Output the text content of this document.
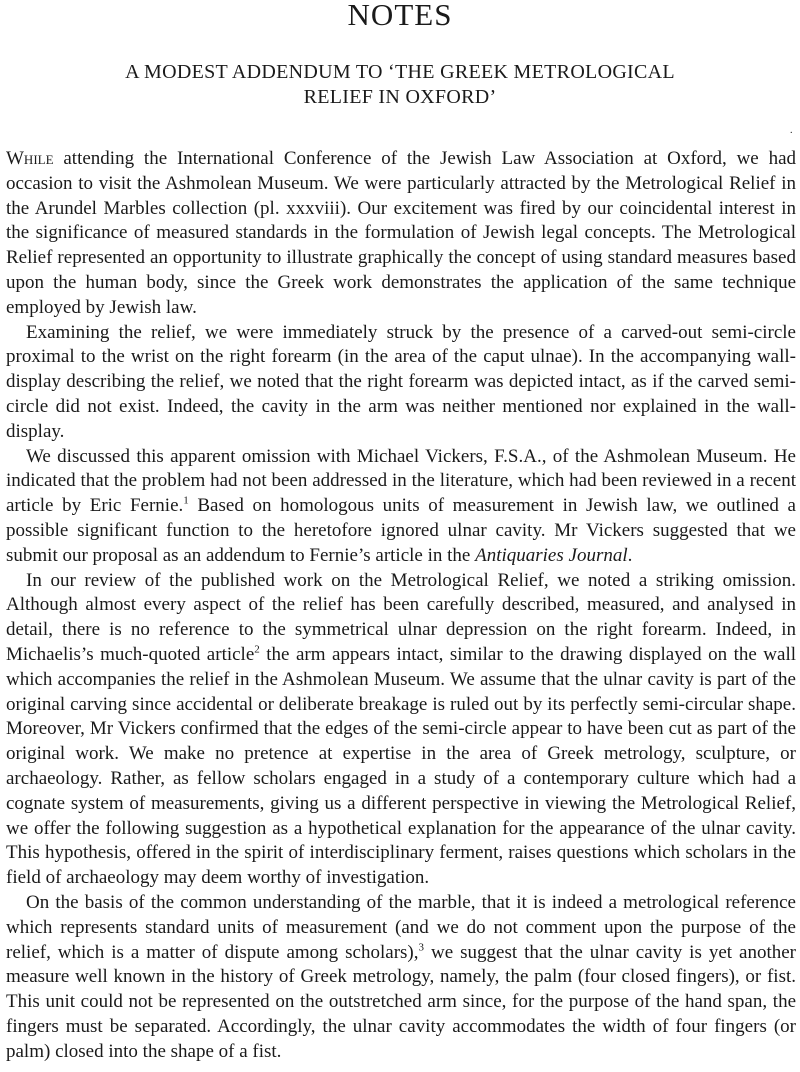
NOTES
A MODEST ADDENDUM TO ‘THE GREEK METROLOGICAL
RELIEF IN OXFORD’
.

While attending the International Conference of the Jewish Law Association at Oxford, we had occasion to visit the Ashmolean Museum. We were particularly attracted by the Metrological Relief in the Arundel Marbles collection (pl. xxxviii). Our excitement was fired by our coincidental interest in the significance of measured standards in the formulation of Jewish legal concepts. The Metrological Relief represented an opportunity to illustrate graphically the concept of using standard measures based upon the human body, since the Greek work demonstrates the application of the same technique employed by Jewish law.

Examining the relief, we were immediately struck by the presence of a carved-out semi-circle proximal to the wrist on the right forearm (in the area of the caput ulnae). In the accompanying wall-display describing the relief, we noted that the right forearm was depicted intact, as if the carved semi-circle did not exist. Indeed, the cavity in the arm was neither mentioned nor explained in the wall-display.

We discussed this apparent omission with Michael Vickers, F.S.A., of the Ashmolean Museum. He indicated that the problem had not been addressed in the literature, which had been reviewed in a recent article by Eric Fernie.$^1$ Based on homologous units of measurement in Jewish law, we outlined a possible significant function to the heretofore ignored ulnar cavity. Mr Vickers suggested that we submit our proposal as an addendum to Fernie’s article in the Antiquaries Journal.

In our review of the published work on the Metrological Relief, we noted a striking omission. Although almost every aspect of the relief has been carefully described, measured, and analysed in detail, there is no reference to the symmetrical ulnar depression on the right forearm. Indeed, in Michaelis’s much-quoted article$^2$ the arm appears intact, similar to the drawing displayed on the wall which accompanies the relief in the Ashmolean Museum. We assume that the ulnar cavity is part of the original carving since accidental or deliberate breakage is ruled out by its perfectly semi-circular shape. Moreover, Mr Vickers confirmed that the edges of the semi-circle appear to have been cut as part of the original work. We make no pretence at expertise in the area of Greek metrology, sculpture, or archaeology. Rather, as fellow scholars engaged in a study of a contemporary culture which had a cognate system of measurements, giving us a different perspective in viewing the Metrological Relief, we offer the following suggestion as a hypothetical explanation for the appearance of the ulnar cavity. This hypothesis, offered in the spirit of interdisciplinary ferment, raises questions which scholars in the field of archaeology may deem worthy of investigation.

On the basis of the common understanding of the marble, that it is indeed a metrological reference which represents standard units of measurement (and we do not comment upon the purpose of the relief, which is a matter of dispute among scholars),$^3$ we suggest that the ulnar cavity is yet another measure well known in the history of Greek metrology, namely, the palm (four closed fingers), or fist. This unit could not be represented on the outstretched arm since, for the purpose of the hand span, the fingers must be separated. Accordingly, the ulnar cavity accommodates the width of four fingers (or palm) closed into the shape of a fist.
